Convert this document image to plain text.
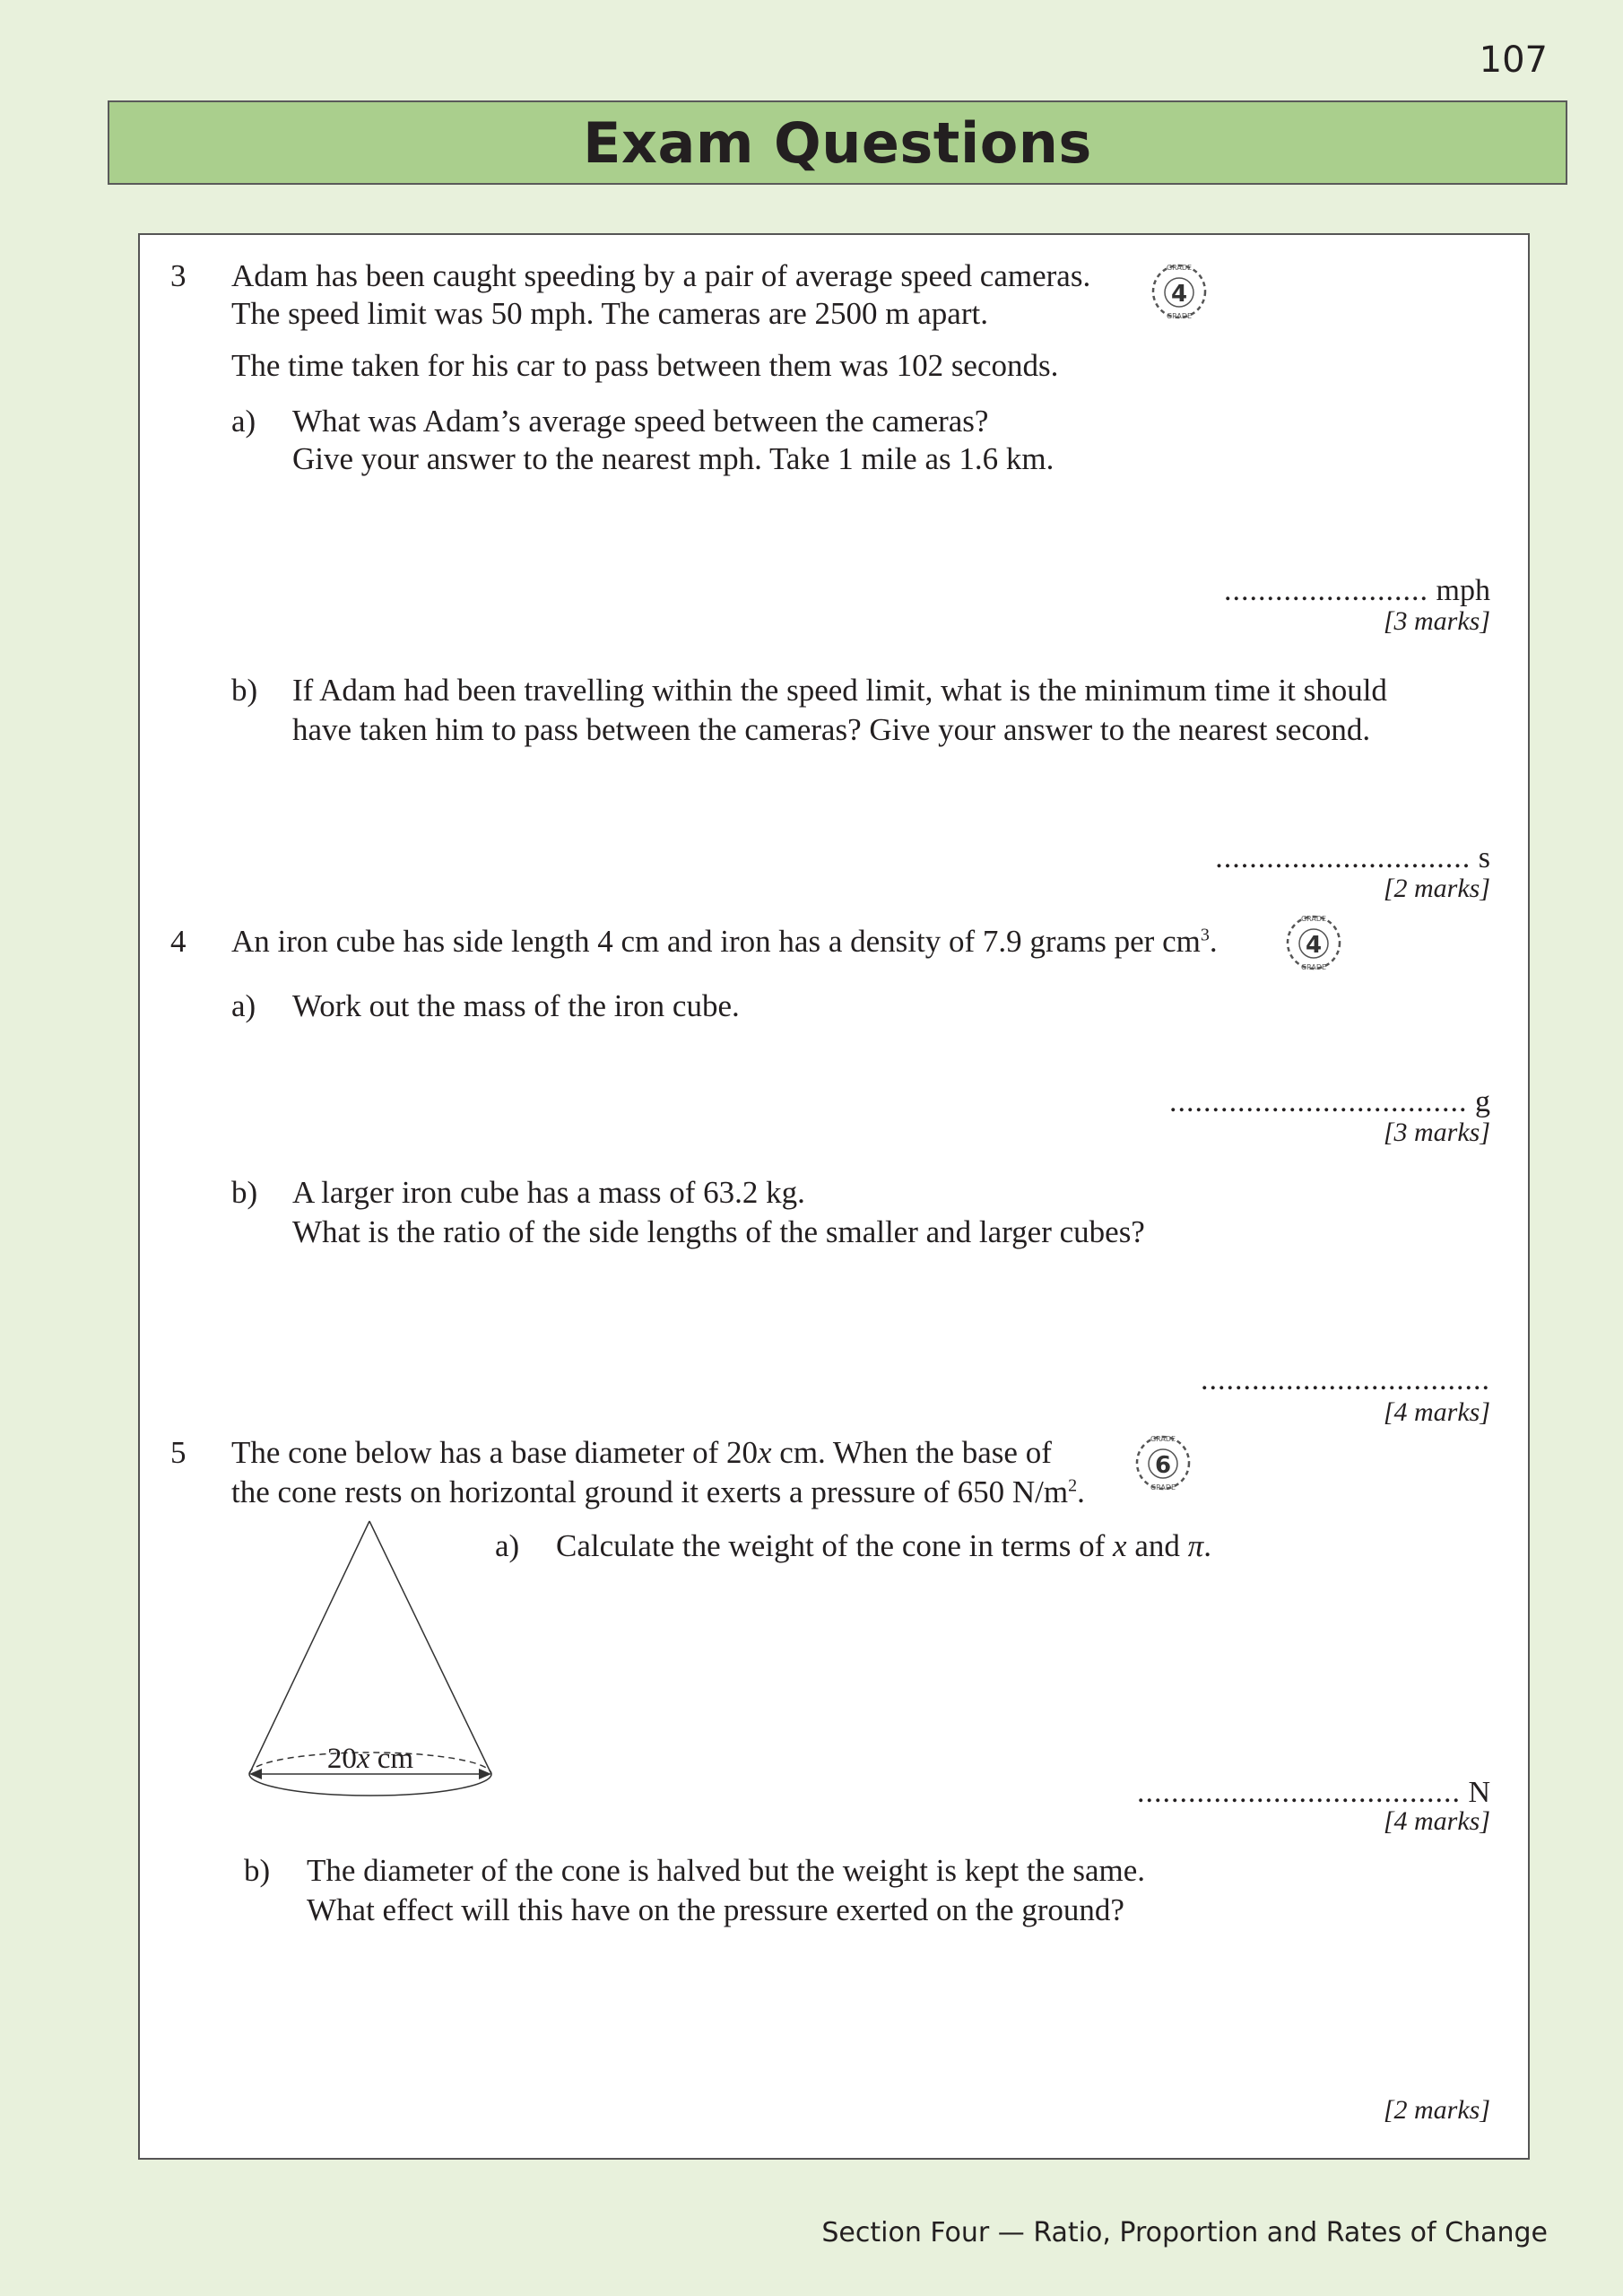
107
Exam Questions
3 Adam has been caught speeding by a pair of average speed cameras.
The speed limit was 50 mph. The cameras are 2500 m apart.
The time taken for his car to pass between them was 102 seconds.
GRADE
GRADE
4
a) What was Adam’s average speed between the cameras?
Give your answer to the nearest mph. Take 1 mile as 1.6 km.
........................ mph
[3 marks]
b) If Adam had been travelling within the speed limit, what is the minimum time it should
have taken him to pass between the cameras? Give your answer to the nearest second.
.............................. s
[2 marks]
4 An iron cube has side length 4 cm and iron has a density of 7.9 grams per $cm^3$.
GRADE
GRADE
4
a) Work out the mass of the iron cube.
................................... g
[3 marks]
b) A larger iron cube has a mass of 63.2 kg.
What is the ratio of the side lengths of the smaller and larger cubes?
..................................
[4 marks]
5 The cone below has a base diameter of 20x cm. When the base of
the cone rests on horizontal ground it exerts a pressure of 650 $N/m^2$.
GRADE
GRADE
6
20x cm
a) Calculate the weight of the cone in terms of x and π.
...................................... N
[4 marks]
b) The diameter of the cone is halved but the weight is kept the same.
What effect will this have on the pressure exerted on the ground?
[2 marks]
Section Four — Ratio, Proportion and Rates of Change
